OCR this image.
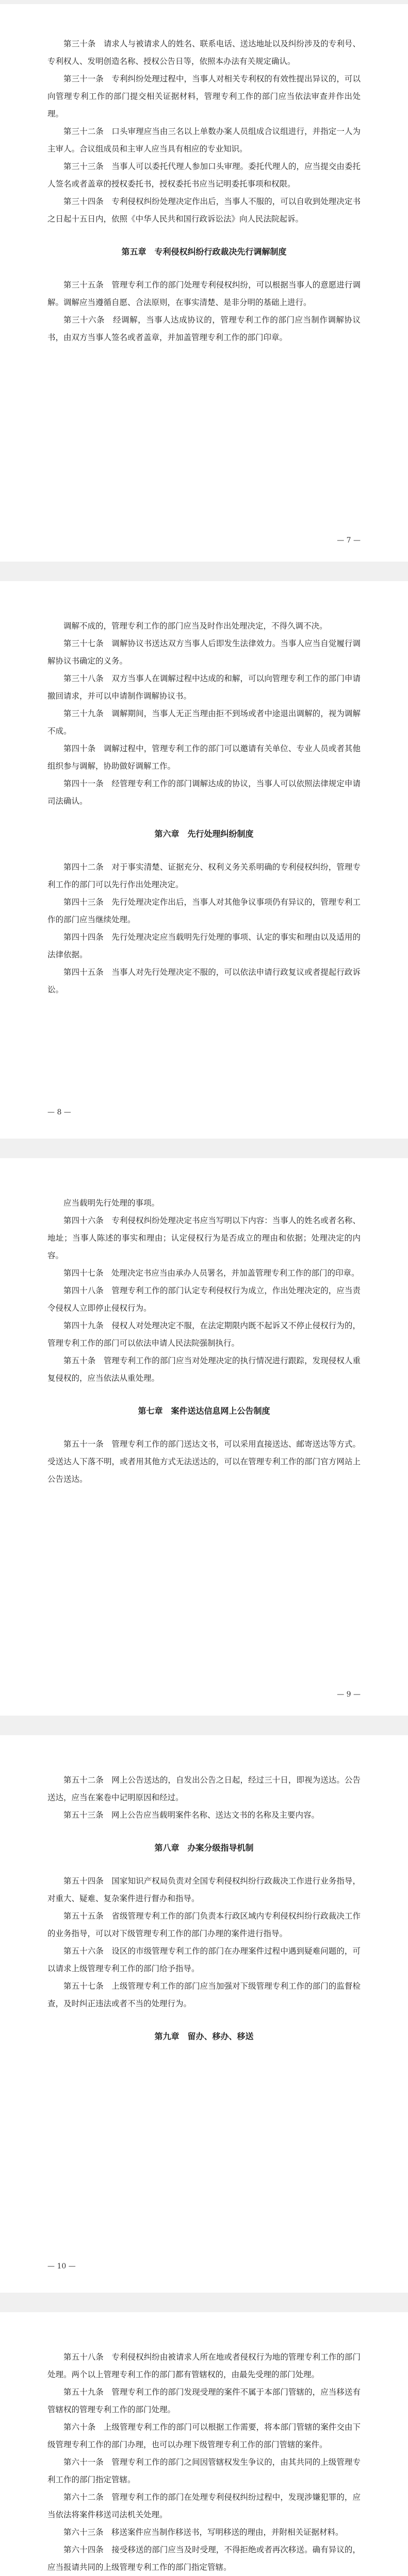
第三十条　请求人与被请求人的姓名、联系电话、送达地址以及纠纷涉及的专利号、专利权人、发明创造名称、授权公告日等，依照本办法有关规定确认。

第三十一条　专利纠纷处理过程中，当事人对相关专利权的有效性提出异议的，可以向管理专利工作的部门提交相关证据材料，管理专利工作的部门应当依法审查并作出处理。

第三十二条　口头审理应当由三名以上单数办案人员组成合议组进行，并指定一人为主审人。合议组成员和主审人应当具有相应的专业知识。

第三十三条　当事人可以委托代理人参加口头审理。委托代理人的，应当提交由委托人签名或者盖章的授权委托书，授权委托书应当记明委托事项和权限。

第三十四条　专利侵权纠纷处理决定作出后，当事人不服的，可以自收到处理决定书之日起十五日内，依照《中华人民共和国行政诉讼法》向人民法院起诉。

第五章　专利侵权纠纷行政裁决先行调解制度

第三十五条　管理专利工作的部门处理专利侵权纠纷，可以根据当事人的意愿进行调解。调解应当遵循自愿、合法原则，在事实清楚、是非分明的基础上进行。

第三十六条　经调解，当事人达成协议的，管理专利工作的部门应当制作调解协议书，由双方当事人签名或者盖章，并加盖管理专利工作的部门印章。

— 7 —

调解不成的，管理专利工作的部门应当及时作出处理决定，不得久调不决。

第三十七条　调解协议书送达双方当事人后即发生法律效力。当事人应当自觉履行调解协议书确定的义务。

第三十八条　双方当事人在调解过程中达成的和解，可以向管理专利工作的部门申请撤回请求，并可以申请制作调解协议书。

第三十九条　调解期间，当事人无正当理由拒不到场或者中途退出调解的，视为调解不成。

第四十条　调解过程中，管理专利工作的部门可以邀请有关单位、专业人员或者其他组织参与调解，协助做好调解工作。

第四十一条　经管理专利工作的部门调解达成的协议，当事人可以依照法律规定申请司法确认。

第六章　先行处理纠纷制度

第四十二条　对于事实清楚、证据充分、权利义务关系明确的专利侵权纠纷，管理专利工作的部门可以先行作出处理决定。

第四十三条　先行处理决定作出后，当事人对其他争议事项仍有异议的，管理专利工作的部门应当继续处理。

第四十四条　先行处理决定应当载明先行处理的事项、认定的事实和理由以及适用的法律依据。

第四十五条　当事人对先行处理决定不服的，可以依法申请行政复议或者提起行政诉讼。

— 8 —

应当载明先行处理的事项。

第四十六条　专利侵权纠纷处理决定书应当写明以下内容：当事人的姓名或者名称、地址；当事人陈述的事实和理由；认定侵权行为是否成立的理由和依据；处理决定的内容。

第四十七条　处理决定书应当由承办人员署名，并加盖管理专利工作的部门的印章。

第四十八条　管理专利工作的部门认定专利侵权行为成立，作出处理决定的，应当责令侵权人立即停止侵权行为。

第四十九条　侵权人对处理决定不服，在法定期限内既不起诉又不停止侵权行为的，管理专利工作的部门可以依法申请人民法院强制执行。

第五十条　管理专利工作的部门应当对处理决定的执行情况进行跟踪，发现侵权人重复侵权的，应当依法从重处理。

第七章　案件送达信息网上公告制度

第五十一条　管理专利工作的部门送达文书，可以采用直接送达、邮寄送达等方式。受送达人下落不明，或者用其他方式无法送达的，可以在管理专利工作的部门官方网站上公告送达。

— 9 —

第五十二条　网上公告送达的，自发出公告之日起，经过三十日，即视为送达。公告送达，应当在案卷中记明原因和经过。

第五十三条　网上公告应当载明案件名称、送达文书的名称及主要内容。

第八章　办案分级指导机制

第五十四条　国家知识产权局负责对全国专利侵权纠纷行政裁决工作进行业务指导，对重大、疑难、复杂案件进行督办和指导。

第五十五条　省级管理专利工作的部门负责本行政区域内专利侵权纠纷行政裁决工作的业务指导，可以对下级管理专利工作的部门办理的案件进行指导。

第五十六条　设区的市级管理专利工作的部门在办理案件过程中遇到疑难问题的，可以请求上级管理专利工作的部门给予指导。

第五十七条　上级管理专利工作的部门应当加强对下级管理专利工作的部门的监督检查，及时纠正违法或者不当的处理行为。

第九章　留办、移办、移送
— 10 —

第五十八条　专利侵权纠纷由被请求人所在地或者侵权行为地的管理专利工作的部门处理。两个以上管理专利工作的部门都有管辖权的，由最先受理的部门处理。

第五十九条　管理专利工作的部门发现受理的案件不属于本部门管辖的，应当移送有管辖权的管理专利工作的部门处理。

第六十条　上级管理专利工作的部门可以根据工作需要，将本部门管辖的案件交由下级管理专利工作的部门办理，也可以办理下级管理专利工作的部门管辖的案件。

第六十一条　管理专利工作的部门之间因管辖权发生争议的，由其共同的上级管理专利工作的部门指定管辖。

第六十二条　管理专利工作的部门在处理专利侵权纠纷过程中，发现涉嫌犯罪的，应当依法将案件移送司法机关处理。

第六十三条　移送案件应当制作移送书，写明移送的理由，并附相关证据材料。

第六十四条　接受移送的部门应当及时受理，不得拒绝或者再次移送。确有异议的，应当报请共同的上级管理专利工作的部门指定管辖。
